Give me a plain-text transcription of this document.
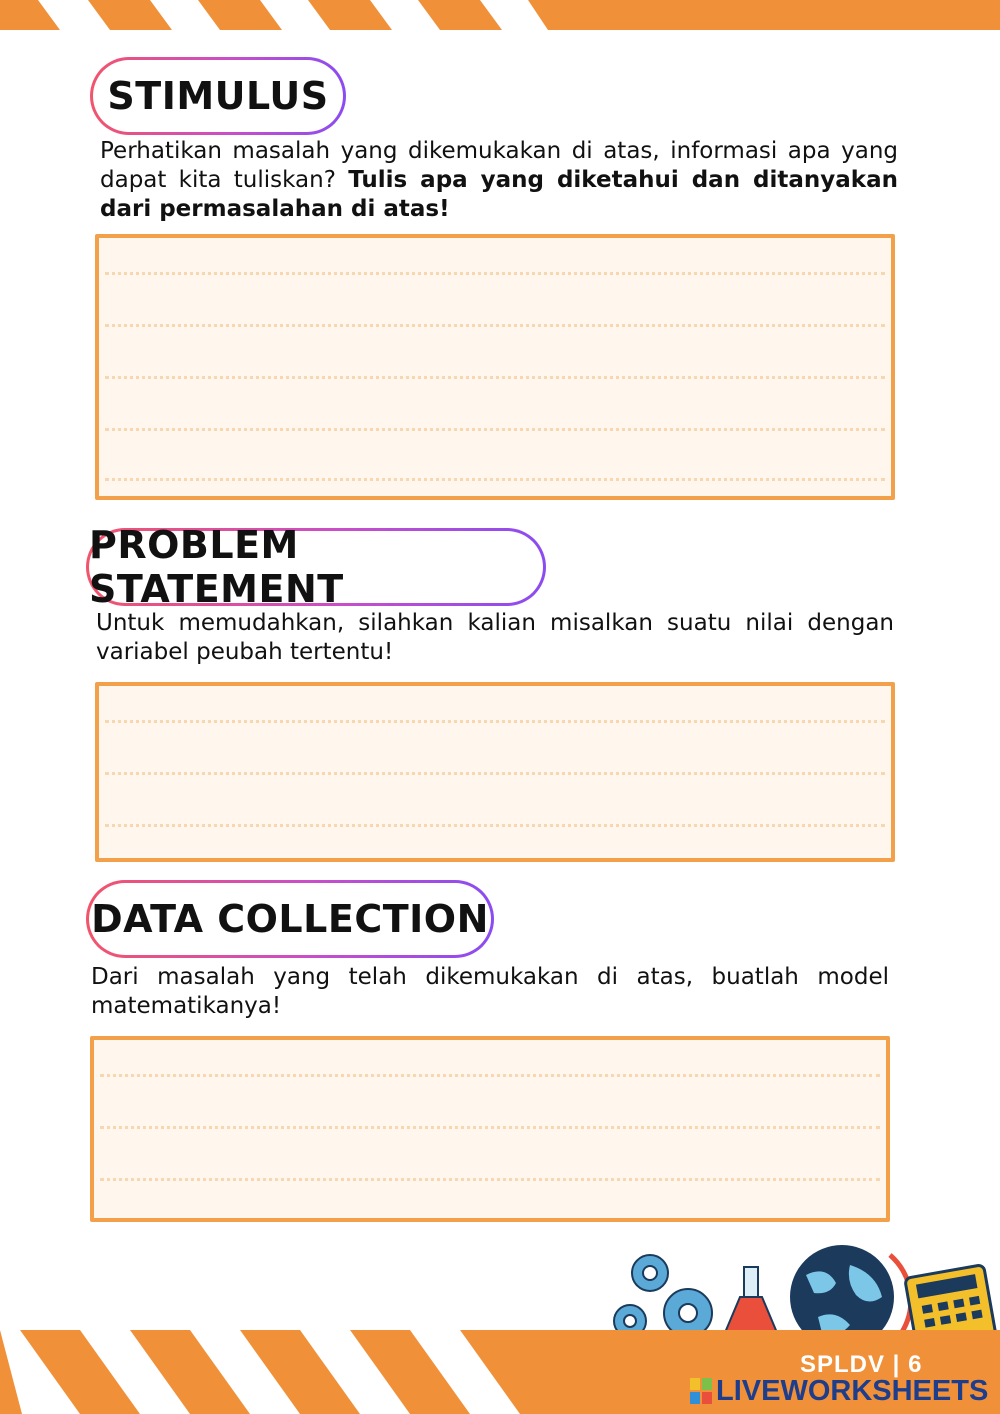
STIMULUS
Perhatikan masalah yang dikemukakan di atas, informasi apa yang dapat kita tuliskan? Tulis apa yang diketahui dan ditanyakan dari permasalahan di atas!
PROBLEM STATEMENT
Untuk memudahkan, silahkan kalian misalkan suatu nilai dengan variabel peubah tertentu!
DATA COLLECTION
Dari masalah yang telah dikemukakan di atas, buatlah model matematikanya!
SPLDV | 6
LIVEWORKSHEETS
